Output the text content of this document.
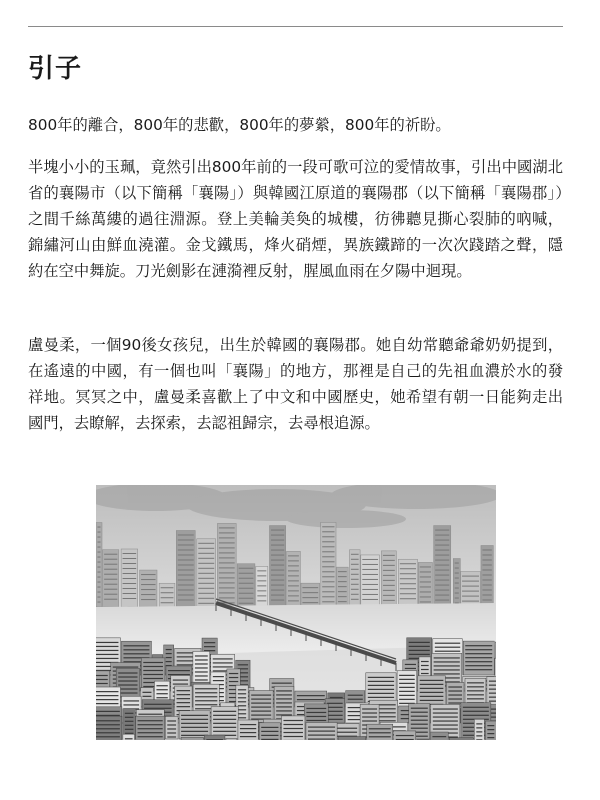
引子

800年的離合，800年的悲歡，800年的夢縈，800年的祈盼。

半塊小小的玉珮，竟然引出800年前的一段可歌可泣的愛情故事，引出中國湖北省的襄陽市（以下簡稱「襄陽」）與韓國江原道的襄陽郡（以下簡稱「襄陽郡」）之間千絲萬縷的過往淵源。登上美輪美奐的城樓，彷彿聽見撕心裂肺的吶喊，錦繡河山由鮮血澆灌。金戈鐵馬，烽火硝煙，異族鐵蹄的一次次踐踏之聲，隱約在空中舞旋。刀光劍影在漣漪裡反射，腥風血雨在夕陽中迴現。

盧曼柔，一個90後女孩兒，出生於韓國的襄陽郡。她自幼常聽爺爺奶奶提到，在遙遠的中國，有一個也叫「襄陽」的地方，那裡是自己的先祖血濃於水的發祥地。冥冥之中，盧曼柔喜歡上了中文和中國歷史，她希望有朝一日能夠走出國門，去瞭解，去探索，去認祖歸宗，去尋根追源。
